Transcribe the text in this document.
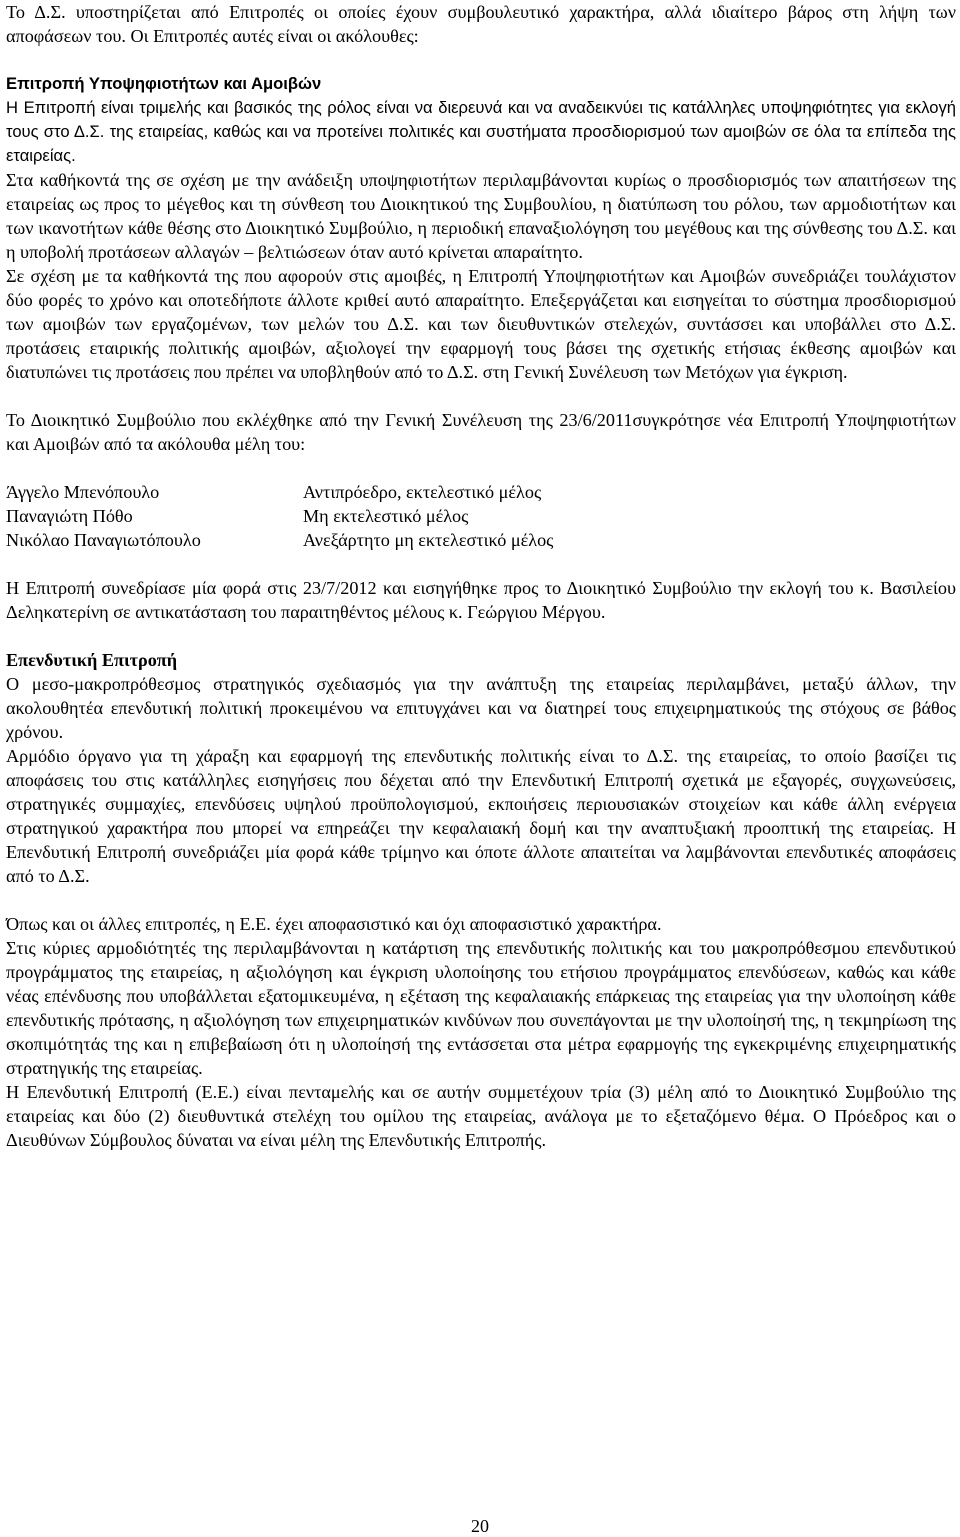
Το Δ.Σ. υποστηρίζεται από Επιτροπές οι οποίες έχουν συμβουλευτικό χαρακτήρα, αλλά ιδιαίτερο βάρος στη λήψη των αποφάσεων του. Οι Επιτροπές αυτές είναι οι ακόλουθες:

Επιτροπή Υποψηφιοτήτων και Αμοιβών

Η Επιτροπή είναι τριμελής και βασικός της ρόλος είναι να διερευνά και να αναδεικνύει τις κατάλληλες υποψηφιότητες για εκλογή τους στο Δ.Σ. της εταιρείας, καθώς και να προτείνει πολιτικές και συστήματα προσδιορισμού των αμοιβών σε όλα τα επίπεδα της εταιρείας.

Στα καθήκοντά της σε σχέση με την ανάδειξη υποψηφιοτήτων περιλαμβάνονται κυρίως ο προσδιορισμός των απαιτήσεων της εταιρείας ως προς το μέγεθος και τη σύνθεση του Διοικητικού της Συμβουλίου, η διατύπωση του ρόλου, των αρμοδιοτήτων και των ικανοτήτων κάθε θέσης στο Διοικητικό Συμβούλιο, η περιοδική επαναξιολόγηση του μεγέθους και της σύνθεσης του Δ.Σ. και η υποβολή προτάσεων αλλαγών – βελτιώσεων όταν αυτό κρίνεται απαραίτητο.

Σε σχέση με τα καθήκοντά της που αφορούν στις αμοιβές, η Επιτροπή Υποψηφιοτήτων και Αμοιβών συνεδριάζει τουλάχιστον δύο φορές το χρόνο και οποτεδήποτε άλλοτε κριθεί αυτό απαραίτητο. Επεξεργάζεται και εισηγείται το σύστημα προσδιορισμού των αμοιβών των εργαζομένων, των μελών του Δ.Σ. και των διευθυντικών στελεχών, συντάσσει και υποβάλλει στο Δ.Σ. προτάσεις εταιρικής πολιτικής αμοιβών, αξιολογεί την εφαρμογή τους βάσει της σχετικής ετήσιας έκθεσης αμοιβών και διατυπώνει τις προτάσεις που πρέπει να υποβληθούν από το Δ.Σ. στη Γενική Συνέλευση των Μετόχων για έγκριση.

Το Διοικητικό Συμβούλιο που εκλέχθηκε από την Γενική Συνέλευση της 23/6/2011συγκρότησε νέα Επιτροπή Υποψηφιοτήτων και Αμοιβών από τα ακόλουθα μέλη του:

Άγγελο Μπενόπουλο	Αντιπρόεδρο, εκτελεστικό μέλος
Παναγιώτη Πόθο	Μη εκτελεστικό μέλος
Νικόλαο Παναγιωτόπουλο	Ανεξάρτητο μη εκτελεστικό μέλος

Η Επιτροπή συνεδρίασε μία φορά στις 23/7/2012 και εισηγήθηκε προς το Διοικητικό Συμβούλιο την εκλογή του κ. Βασιλείου Δεληκατερίνη σε αντικατάσταση του παραιτηθέντος μέλους κ. Γεώργιου Μέργου.

Επενδυτική Επιτροπή

Ο μεσο-μακροπρόθεσμος στρατηγικός σχεδιασμός για την ανάπτυξη της εταιρείας περιλαμβάνει, μεταξύ άλλων, την ακολουθητέα επενδυτική πολιτική προκειμένου να επιτυγχάνει και να διατηρεί τους επιχειρηματικούς της στόχους σε βάθος χρόνου.

Αρμόδιο όργανο για τη χάραξη και εφαρμογή της επενδυτικής πολιτικής είναι το Δ.Σ. της εταιρείας, το οποίο βασίζει τις αποφάσεις του στις κατάλληλες εισηγήσεις που δέχεται από την Επενδυτική Επιτροπή σχετικά με εξαγορές, συγχωνεύσεις, στρατηγικές συμμαχίες, επενδύσεις υψηλού προϋπολογισμού, εκποιήσεις περιουσιακών στοιχείων και κάθε άλλη ενέργεια στρατηγικού χαρακτήρα που μπορεί να επηρεάζει την κεφαλαιακή δομή και την αναπτυξιακή προοπτική της εταιρείας. Η Επενδυτική Επιτροπή συνεδριάζει μία φορά κάθε τρίμηνο και όποτε άλλοτε απαιτείται να λαμβάνονται επενδυτικές αποφάσεις από το Δ.Σ.

Όπως και οι άλλες επιτροπές, η Ε.Ε. έχει αποφασιστικό και όχι αποφασιστικό χαρακτήρα.

Στις κύριες αρμοδιότητές της περιλαμβάνονται η κατάρτιση της επενδυτικής πολιτικής και του μακροπρόθεσμου επενδυτικού προγράμματος της εταιρείας, η αξιολόγηση και έγκριση υλοποίησης του ετήσιου προγράμματος επενδύσεων, καθώς και κάθε νέας επένδυσης που υποβάλλεται εξατομικευμένα, η εξέταση της κεφαλαιακής επάρκειας της εταιρείας για την υλοποίηση κάθε επενδυτικής πρότασης, η αξιολόγηση των επιχειρηματικών κινδύνων που συνεπάγονται με την υλοποίησή της, η τεκμηρίωση της σκοπιμότητάς της και η επιβεβαίωση ότι η υλοποίησή της εντάσσεται στα μέτρα εφαρμογής της εγκεκριμένης επιχειρηματικής στρατηγικής της εταιρείας.

Η Επενδυτική Επιτροπή (Ε.Ε.) είναι πενταμελής και σε αυτήν συμμετέχουν τρία (3) μέλη από το Διοικητικό Συμβούλιο της εταιρείας και δύο (2) διευθυντικά στελέχη του ομίλου της εταιρείας, ανάλογα με το εξεταζόμενο θέμα. Ο Πρόεδρος και ο Διευθύνων Σύμβουλος δύναται να είναι μέλη της Επενδυτικής Επιτροπής.

20
